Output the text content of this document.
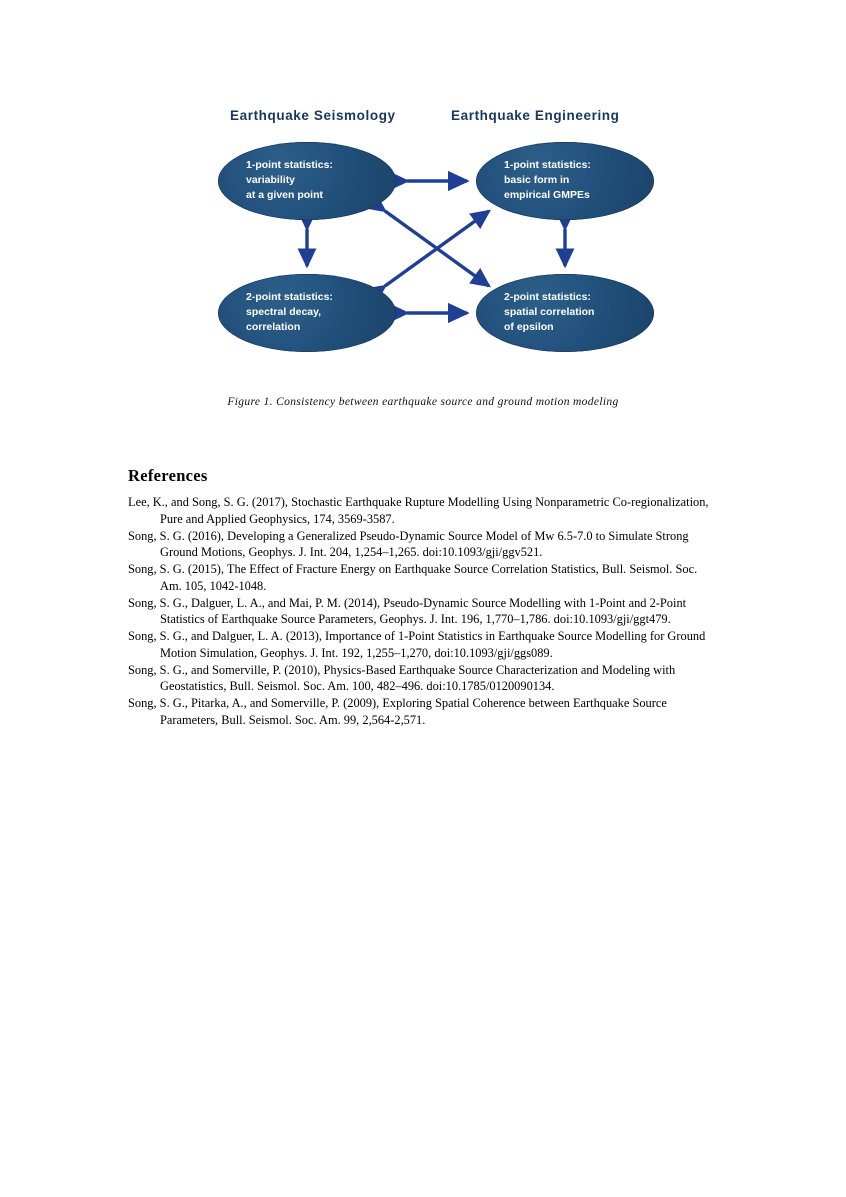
Earthquake Seismology	Earthquake Engineering
1-point statistics:
variability
at a given point
1-point statistics:
basic form in
empirical GMPEs
2-point statistics:
spectral decay,
correlation
2-point statistics:
spatial correlation
of epsilon
Figure 1. Consistency between earthquake source and ground motion modeling
References
Lee, K., and Song, S. G. (2017), Stochastic Earthquake Rupture Modelling Using Nonparametric Co-regionalization, Pure and Applied Geophysics, 174, 3569-3587.
Song, S. G. (2016), Developing a Generalized Pseudo-Dynamic Source Model of Mw 6.5-7.0 to Simulate Strong Ground Motions, Geophys. J. Int. 204, 1,254–1,265. doi:10.1093/gji/ggv521.
Song, S. G. (2015), The Effect of Fracture Energy on Earthquake Source Correlation Statistics, Bull. Seismol. Soc. Am. 105, 1042-1048.
Song, S. G., Dalguer, L. A., and Mai, P. M. (2014), Pseudo-Dynamic Source Modelling with 1-Point and 2-Point Statistics of Earthquake Source Parameters, Geophys. J. Int. 196, 1,770–1,786. doi:10.1093/gji/ggt479.
Song, S. G., and Dalguer, L. A. (2013), Importance of 1-Point Statistics in Earthquake Source Modelling for Ground Motion Simulation, Geophys. J. Int. 192, 1,255–1,270, doi:10.1093/gji/ggs089.
Song, S. G., and Somerville, P. (2010), Physics-Based Earthquake Source Characterization and Modeling with Geostatistics, Bull. Seismol. Soc. Am. 100, 482–496. doi:10.1785/0120090134.
Song, S. G., Pitarka, A., and Somerville, P. (2009), Exploring Spatial Coherence between Earthquake Source Parameters, Bull. Seismol. Soc. Am. 99, 2,564-2,571.
